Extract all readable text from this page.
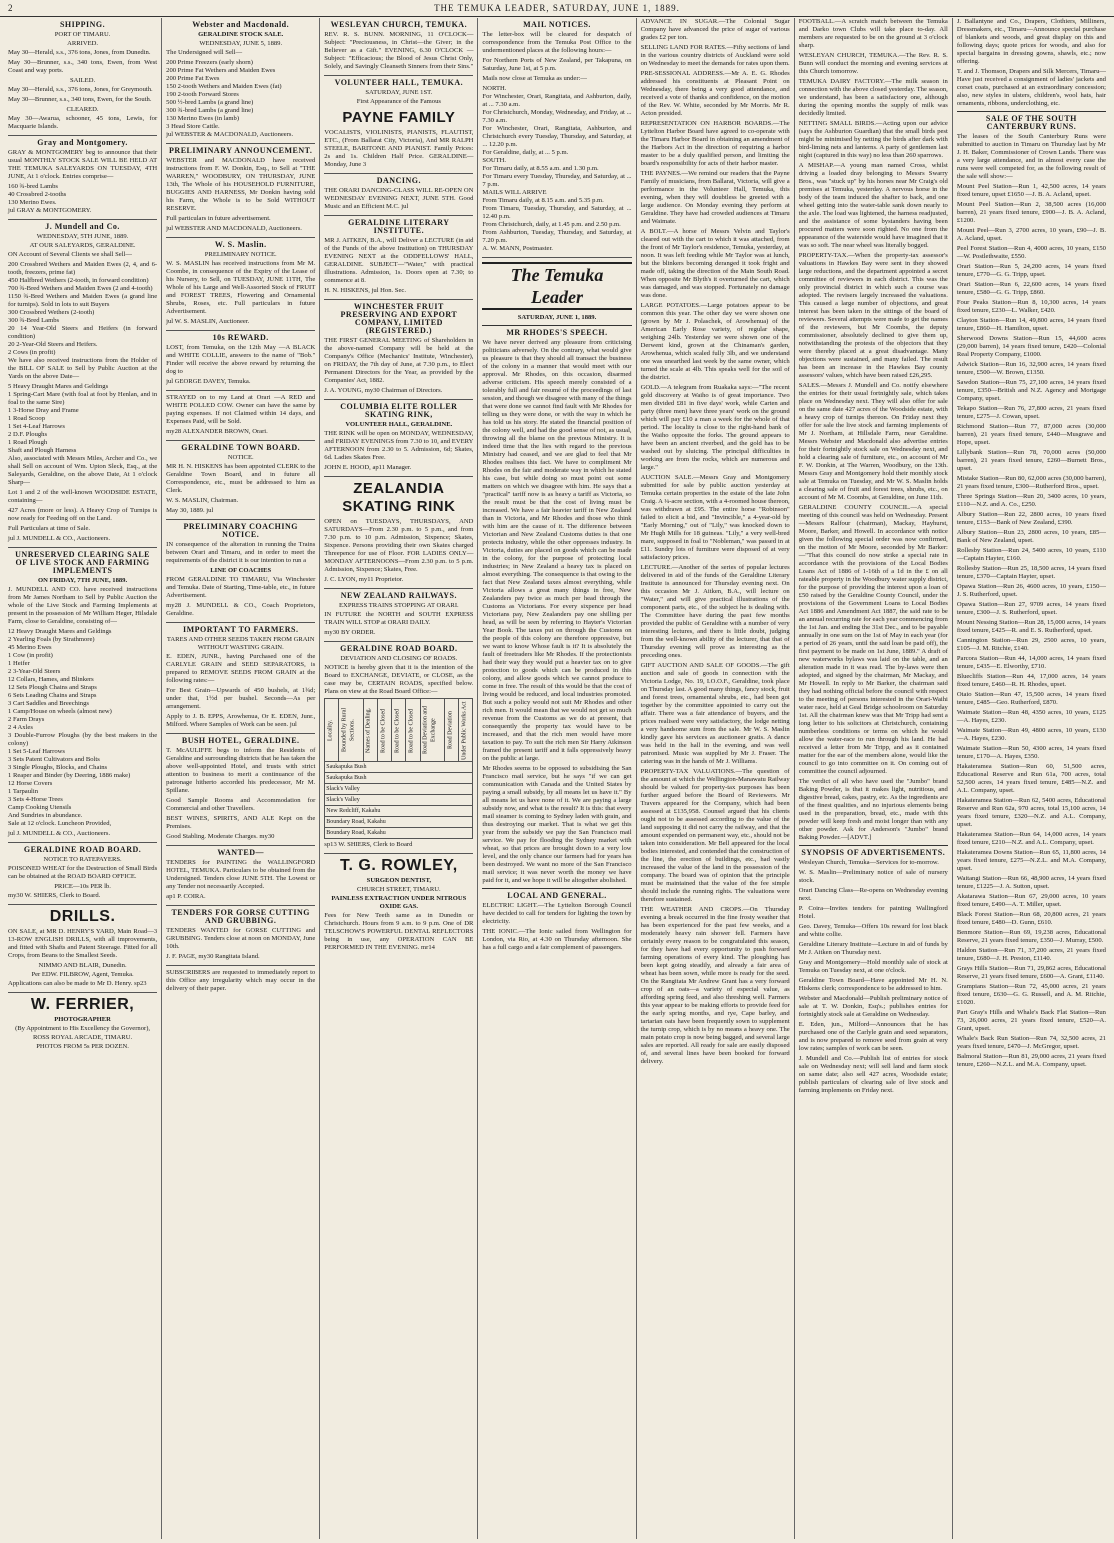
2	THE TEMUKA LEADER, SATURDAY, JUNE 1, 1889.
SHIPPING.
PORT OF TIMARU.
ARRIVED.

May 30—Herald, s.s., 376 tons, Jones, from Dunedin.

May 30—Brunner, s.s., 340 tons, Ewen, from West Coast and way ports.

SAILED.

May 30—Herald, s.s., 376 tons, Jones, for Greymouth.

May 30—Brunner, s.s., 340 tons, Ewen, for the South.

CLEARED.

May 30—Awarua, schooner, 45 tons, Lewis, for Macquarie Islands.

Gray and Montgomery.

GRAY & MONTGOMERY beg to announce that their usual MONTHLY STOCK SALE WILL BE HELD AT THE TEMUKA SALEYARDS ON TUESDAY, 4TH JUNE, At 1 o'clock. Entries comprise—

160 ¾-bred Lambs

40 Crossbred 2-tooths

130 Merino Ewes.

jul GRAY & MONTGOMERY.

J. Mundell and Co.
WEDNESDAY, 5TH JUNE, 1889.
AT OUR SALEYARDS, GERALDINE.

ON Account of Several Clients we shall Sell—

200 Crossbred Wethers and Maiden Ewes (2, 4, and 6-tooth, freezers, prime fat)

450 Halfbred Wethers (2-tooth, in forward condition)

700 ¾-Bred Wethers and Maiden Ewes (2 and 4-tooth)

1150 ¾-Bred Wethers and Maiden Ewes (a grand line for turnips). Sold in lots to suit Buyers

300 Crossbred Wethers (2-tooth)

300 ¾-Bred Lambs

20 14 Year-Old Steers and Heifers (in forward condition)

20 2-Year-Old Steers and Heifers.

2 Cows (in profit)

We have also received instructions from the Holder of the BILL OF SALE to Sell by Public Auction at the Yards on the above Date—

5 Heavy Draught Mares and Geldings

1 Spring-Cart Mare (with foal at foot by Henlan, and in foal to the same Sire)

1 3-Horse Dray and Frame

1 Road Scoop

1 Set 4-Leaf Harrows

2 D.F. Ploughs

1 Road Plough

Shaft and Plough Harness

Also, associated with Messrs Miles, Archer and Co., we shall Sell on account of Wm. Upton Sleck, Esq., at the Saleyards, Geraldine, on the above Date, At 1 o'clock Sharp—

Lot 1 and 2 of the well-known WOODSIDE ESTATE, containing—

427 Acres (more or less). A Heavy Crop of Turnips is now ready for Feeding off on the Land.

Full Particulars at time of Sale.

jul J. MUNDELL & CO., Auctioneers.

UNRESERVED CLEARING SALE OF LIVE STOCK AND FARMING IMPLEMENTS
ON FRIDAY, 7TH JUNE, 1889.

J. MUNDELL AND CO. have received instructions from Mr James Northam to Sell by Public Auction the whole of the Live Stock and Farming Implements at present in the possession of Mr William Heger, Hilsdale Farm, close to Geraldine, consisting of—

12 Heavy Draught Mares and Geldings

2 Yearling Foals (by Strathmore)

45 Merino Ewes

1 Cow (in profit)

1 Heifer

2 3-Year-Old Steers

12 Collars, Hames, and Blinkers

12 Sets Plough Chains and Straps

6 Sets Leading Chains and Straps

3 Cart Saddles and Breechings

1 Camp/House on wheels (almost new)

2 Farm Drays

2 4 Axles

3 Double-Furrow Ploughs (by the best makers in the colony)

1 Set 5-Leaf Harrows

3 Sets Patent Cultivators and Bolts

3 Single Ploughs, Blocks, and Chains

1 Reaper and Binder (by Deering, 1886 make)

12 Horse Covers

1 Tarpaulin

3 Sets 4-Horse Trees

Camp Cooking Utensils

And Sundries in abundance.

Sale at 12 o'clock. Luncheon Provided,

jul J. MUNDELL & CO., Auctioneers.

GERALDINE ROAD BOARD.
NOTICE TO RATEPAYERS.

POISONED WHEAT for the Destruction of Small Birds can be obtained at the ROAD BOARD OFFICE.

PRICE—10s PER lb.

my30 W. SHIERS, Clerk to Board.

DRILLS.

ON SALE, at MR D. HENRY'S YARD, Main Road—3 13-ROW ENGLISH DRILLS, with all improvements, and fitted with Shafts and Patent Steerage. Fitted for all Crops, from Beans to the Smallest Seeds.

NIMMO AND BLAIR, Dunedin.
Per EDW. FILBROW, Agent, Temuka.

Applications can also be made to Mr D. Henry. sp23

W. FERRIER,
PHOTOGRAPHER
(By Appointment to His Excellency the Governor),
ROSS ROYAL ARCADE, TIMARU.
PHOTOS FROM 5s PER DOZEN.
Webster and Macdonald.
GERALDINE STOCK SALE.
WEDNESDAY, JUNE 5, 1889.

The Undersigned will Sell—

200 Prime Freezers (early shorn)

200 Prime Fat Wethers and Maiden Ewes

200 Prime Fat Ewes

150 2-tooth Wethers and Maiden Ewes (fat)

190 2-tooth Forward Stores

500 ½-bred Lambs (a grand line)

300 ¾-bred Lambs (a grand line)

130 Merino Ewes (in lamb)

3 Head Store Cattle.

jul WEBSTER & MACDONALD, Auctioneers.

PRELIMINARY ANNOUNCEMENT.

WEBSTER and MACDONALD have received instructions from F. W. Donkin, Esq., to Sell at "THE WARREN," WOODBURY, ON THURSDAY, JUNE 13th, The Whole of his HOUSEHOLD FURNITURE, BUGGIES AND HARNESS, Mr Donkin having sold his Farm, the Whole is to be Sold WITHOUT RESERVE.

Full particulars in future advertisement.

jul WEBSTER AND MACDONALD, Auctioneers.

W. S. Maslin.
PRELIMINARY NOTICE.

W. S. MASLIN has received instructions from Mr M. Coombe, in consequence of the Expiry of the Lease of his Nursery, to Sell, on TUESDAY, JUNE 11TH, The Whole of his Large and Well-Assorted Stock of FRUIT and FOREST TREES, Flowering and Ornamental Shrubs, Roses, etc. Full particulars in future Advertisement.

jul W. S. MASLIN, Auctioneer.

10s REWARD.

LOST, from Temuka, on the 12th May —A BLACK and WHITE COLLIE, answers to the name of "Bob." Finder will receive the above reward by returning the dog to

jul GEORGE DAVEY, Temuka.

STRAYED on to my Land at Orari —A RED and WHITE POLLED COW. Owner can have the same by paying expenses. If not Claimed within 14 days, and Expenses Paid, will be Sold.

my28 ALEXANDER BROWN, Orari.

GERALDINE TOWN BOARD.
NOTICE.

MR H. N. HISKENS has been appointed CLERK to the Geraldine Town Board, and in future all Correspondence, etc., must be addressed to him as Clerk.

W. S. MASLIN, Chairman.

May 30, 1889. jul

PRELIMINARY COACHING NOTICE.

IN consequence of the alteration in running the Trains between Orari and Timaru, and in order to meet the requirements of the district it is our intention to run a

LINE OF COACHES

FROM GERALDINE TO TIMARU, Via Winchester and Temuka. Date of Starting, Time-table, etc., in future Advertisement.

my28 J. MUNDELL & CO., Coach Proprietors, Geraldine.

IMPORTANT TO FARMERS.
TARES AND OTHER SEEDS TAKEN FROM GRAIN WITHOUT WASTING GRAIN.

E. EDEN, JUNR., having Purchased one of the CARLYLE GRAIN and SEED SEPARATORS, is prepared to REMOVE SEEDS FROM GRAIN at the following rates:—

For Best Grain—Upwards of 450 bushels, at 1¾d; under that, 1½d per bushel. Seconds—As per arrangement.

Apply to J. B. EPPS, Arowhenua, Or E. EDEN, Junr., Milford. Where Samples of Work can be seen. jul

BUSH HOTEL, GERALDINE.

T. McAULIFFE begs to inform the Residents of Geraldine and surrounding districts that he has taken the above well-appointed Hotel, and trusts with strict attention to business to merit a continuance of the patronage hitherto accorded his predecessor, Mr M. Spillane.

Good Sample Rooms and Accommodation for Commercial and other Travellers.

BEST WINES, SPIRITS, AND ALE Kept on the Premises.

Good Stabling. Moderate Charges. my30

WANTED—

TENDERS for PAINTING the WALLINGFORD HOTEL, TEMUKA. Particulars to be obtained from the Undersigned. Tenders close JUNE 5TH. The Lowest or any Tender not necessarily Accepted.

ap1 P. COIRA.

TENDERS FOR GORSE CUTTING AND GRUBBING.

TENDERS WANTED for GORSE CUTTING and GRUBBING. Tenders close at noon on MONDAY, June 10th.

J. F. PAGE, my30 Rangitata Island.

SUBSCRIBERS are requested to immediately report to this Office any irregularity which may occur in the delivery of their paper.

WESLEYAN CHURCH, TEMUKA.

REV. R. S. BUNN. MORNING, 11 O'CLOCK—Subject: "Preciousness, in Christ—the Giver; in the Believer as a Gift." EVENING, 6.30 O'CLOCK — Subject: "Efficacious; the Blood of Jesus Christ Only, Solely, and Savingly Cleanseth Sinners from their Sins."

VOLUNTEER HALL, TEMUKA.
SATURDAY, JUNE 1ST.
First Appearance of the Famous
PAYNE FAMILY

VOCALISTS, VIOLINISTS, PIANISTS, FLAUTIST, ETC., (From Ballarat City, Victoria), And MR RALPH STEELE, BARITONE AND PIANIST. Family Prices: 2s and 1s. Children Half Price. GERALDINE—Monday, June 3

DANCING.

THE ORARI DANCING-CLASS WILL RE-OPEN ON WEDNESDAY EVENING NEXT, JUNE 5TH. Good Music and an Efficient M.C. jul

GERALDINE LITERARY INSTITUTE.

MR J. AITKEN, B.A., will Deliver a LECTURE (in aid of the Funds of the above Institution) on THURSDAY EVENING NEXT at the ODDFELLOWS' HALL, GERALDINE. SUBJECT—"Water," with practical illustrations. Admission, 1s. Doors open at 7.30; to commence at 8.

H. N. HISKENS, jul Hon. Sec.

WINCHESTER FRUIT PRESERVING AND EXPORT COMPANY, LIMITED (REGISTERED.)

THE FIRST GENERAL MEETING of Shareholders in the above-named Company will be held at the Company's Office (Mechanics' Institute, Winchester), on FRIDAY, the 7th day of June, at 7.30 p.m., to Elect Permanent Directors for the Year, as provided by the Companies' Act, 1882.

J. A. YOUNG, my30 Chairman of Directors.

COLUMBIA ELITE ROLLER SKATING RINK,
VOLUNTEER HALL, GERALDINE.

THE RINK will be open on MONDAY, WEDNESDAY, and FRIDAY EVENINGS from 7.30 to 10, and EVERY AFTERNOON from 2.30 to 5. Admission, 6d; Skates, 6d. Ladies Skates Free.

JOHN E. HOOD, ap11 Manager.

ZEALANDIA SKATING RINK

OPEN on TUESDAYS, THURSDAYS, AND SATURDAYS—From 2.30 p.m. to 5 p.m., and from 7.30 p.m. to 10 p.m. Admission, Sixpence; Skates, Sixpence. Persons providing their own Skates charged Threepence for use of Floor. FOR LADIES ONLY— MONDAY AFTERNOONS—From 2.30 p.m. to 5 p.m. Admission, Sixpence; Skates, Free.

J. C. LYON, my11 Proprietor.

NEW ZEALAND RAILWAYS.
EXPRESS TRAINS STOPPING AT ORARI.

IN FUTURE the NORTH and SOUTH EXPRESS TRAIN WILL STOP at ORARI DAILY.

my30 BY ORDER.

GERALDINE ROAD BOARD.
DEVIATION AND CLOSING OF ROADS.

NOTICE is hereby given that it is the intention of the Board to EXCHANGE, DEVIATE, or CLOSE, as the case may be, CERTAIN ROADS, specified below. Plans on view at the Road Board Office:—

Locality.	Bounded by Rural Sections.	Names of Dealing.	Road to be Closed	Road to be Closed	Road to be Closed	Road Deviation and Exchange	Road Deviation	Under Public Works Act
Saukapuka Bush
Saukapuka Bush
Slack's Valley
Slack's Valley
New Redcliff, Kakahu
Boundary Road, Kakahu
Boundary Road, Kakahu

sp13 W. SHIERS, Clerk to Board

T. G. ROWLEY,
SURGEON DENTIST,
CHURCH STREET, TIMARU.
PAINLESS EXTRACTION UNDER NITROUS OXIDE GAS.

Fees for New Teeth same as in Dunedin or Christchurch. Hours from 9 a.m. to 9 p.m. One of DR TELSCHOW'S POWERFUL DENTAL REFLECTORS being in use, any OPERATION CAN BE PERFORMED IN THE EVENING. mr14

MAIL NOTICES.

The letter-box will be cleared for despatch of correspondence from the Temuka Post Office to the undermentioned places at the following hours:—

For Northern Ports of New Zealand, per Takapuna, on Saturday, June 1st, at 5 p.m.

Mails now close at Temuka as under:—

NORTH.

For Winchester, Orari, Rangitata, and Ashburton, daily, at ... 7.30 a.m.

For Christchurch, Monday, Wednesday, and Friday, at ... 7.30 a.m.

For Winchester, Orari, Rangitata, Ashburton, and Christchurch every Tuesday, Thursday, and Saturday, at ... 12.20 p.m.

For Geraldine, daily, at ... 5 p.m.

SOUTH.

For Timaru daily, at 8.55 a.m. and 1.30 p.m.

For Timaru every Tuesday, Thursday, and Saturday, at ... 7 p.m.

MAILS WILL ARRIVE

From Timaru daily, at 8.15 a.m. and 5.35 p.m.

From Timaru, Tuesday, Thursday, and Saturday, at ... 12.40 p.m.

From Christchurch, daily, at 1.45 p.m. and 2.50 p.m.

From Ashburton, Tuesday, Thursday, and Saturday, at 7.20 p.m.

A. W. MANN, Postmaster.

The Temuka Leader
SATURDAY, JUNE 1, 1889.
MR RHODES'S SPEECH.

We have never derived any pleasure from criticising politicians adversely. On the contrary, what would give us pleasure is that they should all transact the business of the colony in a manner that would meet with our approval. Mr Rhodes, on this occasion, disarmed adverse criticism. His speech merely consisted of a tolerably full and fair resumé of the proceedings of last session, and though we disagree with many of the things that were done we cannot find fault with Mr Rhodes for telling us they were done, or with the way in which he has told us his story. He stated the financial position of the colony well, and had the good sense of not, as usual, throwing all the blame on the previous Ministry. It is indeed time that the lies with regard to the previous Ministry had ceased, and we are glad to feel that Mr Rhodes realises this fact. We have to compliment Mr Rhodes on the fair and moderate way in which he stated his case, but while doing so must point out some matters on which we disagree with him. He says that a "practical" tariff now is as heavy a tariff as Victoria, so the result must be that the cost of living must be increased. We have a fair heavier tariff in New Zealand than in Victoria, and Mr Rhodes and those who think with him are the cause of it. The difference between Victorian and New Zealand Customs duties is that one protects industry, while the other oppresses industry. In Victoria, duties are placed on goods which can be made in the colony, for the purpose of protecting local industries; in New Zealand a heavy tax is placed on almost everything. The consequence is that owing to the fact that New Zealand taxes almost everything, while Victoria allows a great many things in free, New Zealanders pay twice as much per head through the Customs as Victorians. For every sixpence per head Victorians pay, New Zealanders pay one shilling per head, as will be seen by referring to Hayter's Victorian Year Book. The taxes put on through the Customs on the people of this colony are therefore oppressive, but we want to know Whose fault is it? It is absolutely the fault of freetraders like Mr Rhodes. If the protectionists had their way they would put a heavier tax on to give protection to goods which can be produced in this colony, and allow goods which we cannot produce to come in free. The result of this would be that the cost of living would be reduced, and local industries promoted. But such a policy would not suit Mr Rhodes and other rich men. It would mean that we would not get so much revenue from the Customs as we do at present, that consequently the property tax would have to be increased, and that the rich men would have more taxation to pay. To suit the rich men Sir Harry Atkinson framed the present tariff and it falls oppressively heavy on the public at large.

Mr Rhodes seems to be opposed to subsidising the San Francisco mail service, but he says "if we can get communication with Canada and the United States by paying a small subsidy, by all means let us have it." By all means let us have none of it. We are paying a large subsidy now, and what is the result? It is this: that every mail steamer is coming to Sydney laden with grain, and thus destroying our market. That is what we get this year from the subsidy we pay the San Francisco mail service. We pay for flooding the Sydney market with wheat, so that prices are brought down to a very low level, and the only chance our farmers had for years has been destroyed. We want no more of the San Francisco mail service; it was never worth the money we have paid for it, and we hope it will be altogether abolished.

LOCAL AND GENERAL.

ELECTRIC LIGHT.—The Lyttelton Borough Council have decided to call for tenders for lighting the town by electricity.

THE IONIC.—The Ionic sailed from Wellington for London, via Rio, at 4.30 on Thursday afternoon. She has a full cargo and a fair complement of passengers.

ADVANCE IN SUGAR.—The Colonial Sugar Company have advanced the price of sugar of various grades £2 per ton.

SELLING LAND FOR RATES.—Fifty sections of land in the various country districts of Auckland were sold on Wednesday to meet the demands for rates upon them.

PRE-SESSIONAL ADDRESS.—Mr A. E. G. Rhodes addressed his constituents at Pleasant Point on Wednesday, there being a very good attendance, and received a vote of thanks and confidence, on the motion of the Rev. W. White, seconded by Mr Morris. Mr R. Acton presided.

REPRESENTATION ON HARBOR BOARDS.—The Lyttelton Harbor Board have agreed to co-operate with the Timaru Harbor Board in obtaining an amendment of the Harbors Act in the direction of requiring a harbor master to be a duly qualified person, and limiting the board's responsibility for acts of their harbor master.

THE PAYNES.—We remind our readers that the Payne Family of musicians, from Ballarat, Victoria, will give a performance in the Volunteer Hall, Temuka, this evening, when they will doubtless be greeted with a large audience. On Monday evening they perform at Geraldine. They have had crowded audiences at Timaru and Waimate.

A BOLT.—A horse of Messrs Velvin and Taylor's cleared out with the cart to which it was attached, from the front of Mr Taylor's residence, Temuka, yesterday, at noon. It was left feeding while Mr Taylor was at lunch, but the blinkers becoming deranged it took fright and made off, taking the direction of the Main South Road. When opposite Mr Blyth's it overturned the cart, which was damaged, and was stopped. Fortunately no damage was done.

LARGE POTATOES.—Large potatoes appear to be common this year. The other day we were shown one (grown by Mr J. Polaschek, of Arowhenua) of the American Early Rose variety, of regular shape, weighing 24lb. Yesterday we were shown one of the Derwent kind, grown at the Chinaman's garden, Arowhenua, which scaled fully 3lb, and we understand one was unearthed last week by the same owner, which turned the scale at 4lb. This speaks well for the soil of the district.

GOLD.—A telegram from Ruakaka says:—"The recent gold discovery at Waiho is of great importance. Two men divided £81 in five days' work, while Carten and party (three men) have three years' work on the ground which will pay £10 a man a week for the whole of that period. The locality is close to the right-hand bank of the Waiho opposite the forks. The ground appears to have been an ancient riverbed, and the gold has to be washed out by sluicing. The principal difficulties in working are from the rocks, which are numerous and large."

AUCTION SALE.—Messrs Gray and Montgomery submitted for sale by public auction yesterday at Temuka certain properties in the estate of the late John Craig. A ¼-acre section, with a 4-roomed house thereon, was withdrawn at £95. The entire horse "Robinson" failed to elicit a bid, and "Invincible," a 4-year-old by "Early Morning," out of "Lily," was knocked down to Mr Hugh Mills for 18 guineas. "Lily," a very well-bred mare, supposed in foal to "Nobleman," was passed in at £11. Sundry lots of furniture were disposed of at very satisfactory prices.

LECTURE.—Another of the series of popular lectures delivered in aid of the funds of the Geraldine Literary Institute is announced for Thursday evening next. On this occasion Mr J. Aitken, B.A., will lecture on "Water," and will give practical illustrations of the component parts, etc., of the subject he is dealing with. The Committee have during the past few months provided the public of Geraldine with a number of very interesting lectures, and there is little doubt, judging from the well-known ability of the lecturer, that that of Thursday evening will prove as interesting as the preceding ones.

GIFT AUCTION AND SALE OF GOODS.—The gift auction and sale of goods in connection with the Victoria Lodge, No. 19, I.O.O.F., Geraldine, took place on Thursday last. A good many things, fancy stock, fruit and forest trees, ornamental shrubs, etc., had been got together by the committee appointed to carry out the affair. There was a fair attendance of buyers, and the prices realised were very satisfactory, the lodge netting a very handsome sum from the sale. Mr W. S. Maslin kindly gave his services as auctioneer gratis. A dance was held in the hall in the evening, and was well patronised. Music was supplied by Mr J. Fraser. The catering was in the hands of Mr J. Williams.

PROPERTY-TAX VALUATIONS.—The question of the amount at which the Wellington-Manawatu Railway should be valued for property-tax purposes has been further argued before the Board of Reviewers. Mr Travers appeared for the Company, which had been assessed at £135,958. Counsel argued that his clients ought not to be assessed according to the value of the land supposing it did not carry the railway, and that the amount expended on permanent way, etc., should not be taken into consideration. Mr Bell appeared for the local bodies interested, and contended that the construction of the line, the erection of buildings, etc., had vastly increased the value of the land in the possession of the company. The board was of opinion that the principle must be maintained that the value of the fee simple should include the running rights. The valuations were therefore sustained.

THE WEATHER AND CROPS.—On Thursday evening a break occurred in the fine frosty weather that has been experienced for the past few weeks, and a moderately heavy rain shower fell. Farmers have certainly every reason to be congratulated this season, for they have had every opportunity to push forward farming operations of every kind. The ploughing has been kept going steadily, and already a fair area of wheat has been sown, while more is ready for the seed. On the Rangitata Mr Andrew Grant has a very forward crop of an oats—a variety of especial value, as affording spring feed, and also threshing well. Farmers this year appear to be making efforts to provide feed for the early spring months, and rye, Cape barley, and tartarian oats have been frequently sown to supplement the turnip crop, which is by no means a heavy one. The main potato crop is now being bagged, and several large sales are reported. All ready for sale are easily disposed of, and several lines have been booked for forward delivery.

FOOTBALL.—A scratch match between the Temuka and Darko town Clubs will take place to-day. All members are requested to be on the ground at 3 o'clock sharp.

WESLEYAN CHURCH, TEMUKA.—The Rev. R. S. Bunn will conduct the morning and evening services at this Church tomorrow.

TEMUKA DAIRY FACTORY.—The milk season in connection with the above closed yesterday. The season, we understand, has been a satisfactory one, although during the opening months the supply of milk was decidedly limited.

NETTING SMALL BIRDS.—Acting upon our advice (says the Ashburton Guardian) that the small birds pest might be minimised by netting the birds after dark with bird-liming nets and lanterns. A party of gentlemen last night (captured in this way) no less than 260 sparrows.

A MISHAP.—A young man named Cross, whilst driving a loaded dray belonging to Messrs Swarry Bros., was "stuck up" by his horses near Mr Craig's old premises at Temuka, yesterday. A nervous horse in the body of the team induced the shafter to back, and one wheel getting into the water-table sank down nearly to the axle. The load was lightened, the harness readjusted, and the assistance of some bystanders having been procured matters were soon righted. No one from the appearance of the waterside would have imagined that it was so soft. The near wheel was literally bogged.

PROPERTY-TAX.—When the property-tax assessor's valuations in Hawkes Bay were sent in they showed large reductions, and the department appointed a secret committee of reviewers in each district. This was the only provincial district in which such a course was adopted. The revisers largely increased the valuations. This caused a large number of objections, and great interest has been taken in the sittings of the board of reviewers. Several attempts were made to get the names of the reviewers, but Mr Coombs, the deputy commissioner, absolutely declined to give them up, notwithstanding the protests of the objectors that they were thereby placed at a great disadvantage. Many objections were sustained, and many failed. The result has been an increase in the Hawkes Bay county assessors' values, which have been raised £26,295.

SALES.—Messrs J. Mundell and Co. notify elsewhere the entries for their usual fortnightly sale, which takes place on Wednesday next. They will also offer for sale on the same date 427 acres of the Woodside estate, with a heavy crop of turnips thereon. On Friday next they offer for sale the live stock and farming implements of Mr J. Northam, at Hillsdale Farm, near Geraldine. Messrs Webster and Macdonald also advertise entries for their fortnightly stock sale on Wednesday next, and hold a clearing sale of furniture, etc., on account of Mr F. W. Donkin, at The Warren, Woodbury, on the 13th. Messrs Gray and Montgomery hold their monthly stock sale at Temuka on Tuesday, and Mr W. S. Maslin holds a clearing sale of fruit and forest trees, shrubs, etc., on account of Mr M. Coombs, at Geraldine, on June 11th.

GERALDINE COUNTY COUNCIL.—A special meeting of this council was held on Wednesday. Present—Messrs Ralfour (chairman), Mackay, Hayhurst, Moore, Barker, and Howell. In accordance with notice given the following special order was now confirmed, on the motion of Mr Moore, seconded by Mr Barker:—"That this council do now strike a special rate in accordance with the provisions of the Local Bodies Loans Act of 1886 of 1-16th of a 1d in the £ on all rateable property in the Woodbury water supply district, for the purpose of providing the interest upon a loan of £50 raised by the Geraldine County Council, under the provisions of the Government Loans to Local Bodies Act 1886 and Amendment Act 1887, the said rate to be an annual recurring rate for each year commencing from the 1st Jan. and ending the 31st Dec., and to be payable annually in one sum on the 1st of May in each year (for a period of 26 years, until the said loan be paid off), the first payment to be made on 1st June, 1889." A draft of new waterworks bylaws was laid on the table, and an alteration made in it was read. The by-laws were then adopted, and signed by the chairman, Mr Mackay, and Mr Howell. In reply to Mr Barker, the chairman said they had nothing official before the council with respect to the meeting of persons interested in the Orari-Waihi water race, held at Geal Bridge schoolroom on Saturday 1st. All the chairman knew was that Mr Tripp had sent a long letter to his solicitors at Christchurch, containing numberless conditions or terms on which he would allow the water-race to run through his land. He had received a letter from Mr Tripp, and as it contained matter for the ear of the members alone, would like the council to go into committee on it. On coming out of committee the council adjourned.

The verdict of all who have used the "Jumbo" brand Baking Powder, is that it makes light, nutritious, and digestive bread, cakes, pastry, etc. As the ingredients are of the finest qualities, and no injurious elements being used in the preparation, bread, etc., made with this powder will keep fresh and moist longer than with any other powder. Ask for Anderson's "Jumbo" brand Baking Powder.—[ADVT.]

SYNOPSIS OF ADVERTISEMENTS.

Wesleyan Church, Temuka—Services for to-morrow.

W. S. Maslin—Preliminary notice of sale of nursery stock.

Orari Dancing Class—Re-opens on Wednesday evening next.

P. Coira—Invites tenders for painting Wallingford Hotel.

Geo. Davey, Temuka—Offers 10s reward for lost black and white collie.

Geraldine Literary Institute—Lecture in aid of funds by Mr J. Aitken on Thursday next.

Gray and Montgomery—Hold monthly sale of stock at Temuka on Tuesday next, at one o'clock.

Geraldine Town Board—Have appointed Mr H. N. Hiskens clerk; correspondence to be addressed to him.

Webster and Macdonald—Publish preliminary notice of sale at T. W. Donkin, Esq's.; publishes entries for fortnightly stock sale at Geraldine on Wednesday.

E. Eden, jun., Milford—Announces that he has purchased one of the Carlyle grain and seed separators, and is now prepared to remove seed from grain at very low rates; samples of work can be seen.

J. Mundell and Co.—Publish list of entries for stock sale on Wednesday next; will sell land and farm stock on same date; also sell 427 acres, Woodside estate; publish particulars of clearing sale of live stock and farming implements on Friday next.

J. Ballantyne and Co., Drapers, Clothiers, Milliners, Dressmakers, etc., Timaru—Announce special purchase of blankets and woods, and great display on this and following days; quote prices for woods, and also for special bargains in dressing gowns, shawls, etc.; now offering.

T. and J. Thomson, Drapers and Silk Mercers, Timaru—Have just received a consignment of ladies' jackets and corset coats, purchased at an extraordinary concession; also, new styles in ulsters, children's, wool hats, hair ornaments, ribbons, underclothing, etc.

SALE OF THE SOUTH CANTERBURY RUNS.

The leases of the South Canterbury Runs were submitted to auction in Timaru on Thursday last by Mr J. H. Baker, Commissioner of Crown Lands. There was a very large attendance, and in almost every case the runs were well competed for, as the following result of the sale will show:—

Mount Peel Station—Run 1, 42,500 acres, 14 years fixed tenure, upset £1650 —J. B. A. Acland, upset.

Mount Peel Station—Run 2, 38,500 acres (16,000 barren), 21 years fixed tenure, £900—J. B. A. Acland, £1200.

Mount Peel—Run 3, 2700 acres, 10 years, £90—J. B. A. Acland, upset.

Peel Forest Station—Run 4, 4000 acres, 10 years, £150—W. Postlethwaite, £550.

Orari Station—Run 5, 24,200 acres, 14 years fixed tenure, £770—G. G. Tripp, upset.

Orari Station—Run 6, 22,600 acres, 14 years fixed tenure, £580—G. G. Tripp, £860.

Four Peaks Station—Run 8, 10,300 acres, 14 years fixed tenure, £230—L. Walker, £420.

Clayton Station—Run 14, 49,800 acres, 14 years fixed tenure, £860—H. Hamilton, upset.

Sherwood Downs Station—Run 15, 44,600 acres (29,000 barren), 14 years fixed tenure, £420—Colonial Real Property Company, £1000.

Adwick Station—Run 16, 32,900 acres, 14 years fixed tenure, £500—W. Brown, £1350.

Sawdon Station—Run 75, 27,100 acres, 14 years fixed tenure, £350—British and N.Z. Agency and Mortgage Company, upset.

Tekapo Station—Run 76, 27,800 acres, 21 years fixed tenure, £275—J. Cowan, upset.

Richmond Station—Run 77, 87,000 acres (30,000 barren), 21 years fixed tenure, £440—Musgrave and Hope, upset.

Lillybank Station—Run 78, 70,000 acres (50,000 barren), 21 years fixed tenure, £260—Burnett Bros., upset.

Mistake Station—Run 80, 62,000 acres (30,000 barren), 21 years fixed tenure, £300—Rutherford Bros., upset.

Three Springs Station—Run 20, 3400 acres, 10 years, £110—N.Z. and A. Co., £250.

Albury Station—Run 22, 2800 acres, 10 years fixed tenure, £153—Bank of New Zealand, £390.

Albury Station—Run 23, 2800 acres, 10 years, £85—Bank of New Zealand, upset.

Rollesby Station—Run 24, 5400 acres, 10 years, £110—Captain Hayter, £160.

Rollesby Station—Run 25, 18,500 acres, 14 years fixed tenure, £370—Captain Hayter, upset.

Opawa Station—Run 26, 4600 acres, 10 years, £150—J. S. Rutherford, upset.

Opawa Station—Run 27, 9709 acres, 14 years fixed tenure, £300—J. S. Rutherford, upset.

Mount Nessing Station—Run 28, 15,000 acres, 14 years fixed tenure, £425—R. and E. S. Rutherford, upset.

Cannington Station—Run 29, 2500 acres, 10 years, £105—J. M. Ritchie, £140.

Parcora Station—Run 44, 14,000 acres, 14 years fixed tenure, £435—E. Elworthy, £710.

Bluecliffs Station—Run 44, 17,000 acres, 14 years fixed tenure, £460—R. H. Rhodes, upset.

Otaio Station—Run 47, 15,500 acres, 14 years fixed tenure, £485—Geo. Rutherford, £870.

Waimate Station—Run 48, 4350 acres, 10 years, £125—A. Hayes, £230.

Waimate Station—Run 49, 4800 acres, 10 years, £130—A. Hayes, £230.

Waimate Station—Run 50, 4300 acres, 14 years fixed tenure, £170—A. Hayes, £350.

Hakateramea Station—Run 60, 51,500 acres, Educational Reserve and Run 61a, 700 acres, total 52,500 acres, 14 years fixed tenure, £485—N.Z. and A.L. Company, upset.

Hakateramea Station—Run 62, 5400 acres, Educational Reserve and Run 62a, 970 acres, total 15,100 acres, 14 years fixed tenure, £320—N.Z. and A.L. Company, upset.

Hakateramea Station—Run 64, 14,000 acres, 14 years fixed tenure, £210—N.Z. and A.L. Company, upset.

Hakateramea Downs Station—Run 65, 11,800 acres, 14 years fixed tenure, £275—N.Z.L. and M.A. Company, upset.

Waitangi Station—Run 66, 48,900 acres, 14 years fixed tenure, £1225—J. A. Sutton, upset.

Akatarawa Station—Run 67, 29,000 acres, 10 years fixed tenure, £490—A. T. Miller, upset.

Black Forest Station—Run 68, 20,800 acres, 21 years fixed tenure, £480—D. Gunn, £610.

Benmore Station—Run 69, 19,238 acres, Educational Reserve, 21 years fixed tenure, £350—J. Murray, £500.

Haldon Station—Run 71, 37,200 acres, 21 years fixed tenure, £680—J. H. Preston, £1140.

Grays Hills Station—Run 71, 29,862 acres, Educational Reserve, 21 years fixed tenure, £600—A. Grant, £1140.

Grampians Station—Run 72, 45,000 acres, 21 years fixed tenure, £630—G. G. Russell, and A. M. Ritchie, £1020.

Part Gray's Hills and Whale's Back Flat Station—Run 73, 26,000 acres, 21 years fixed tenure, £520—A. Grant, upset.

Whale's Back Run Station—Run 74, 32,500 acres, 21 years fixed tenure, £470—J. McGregor, upset.

Balmoral Station—Run 81, 29,000 acres, 21 years fixed tenure, £260—N.Z.L. and M.A. Company, upset.
